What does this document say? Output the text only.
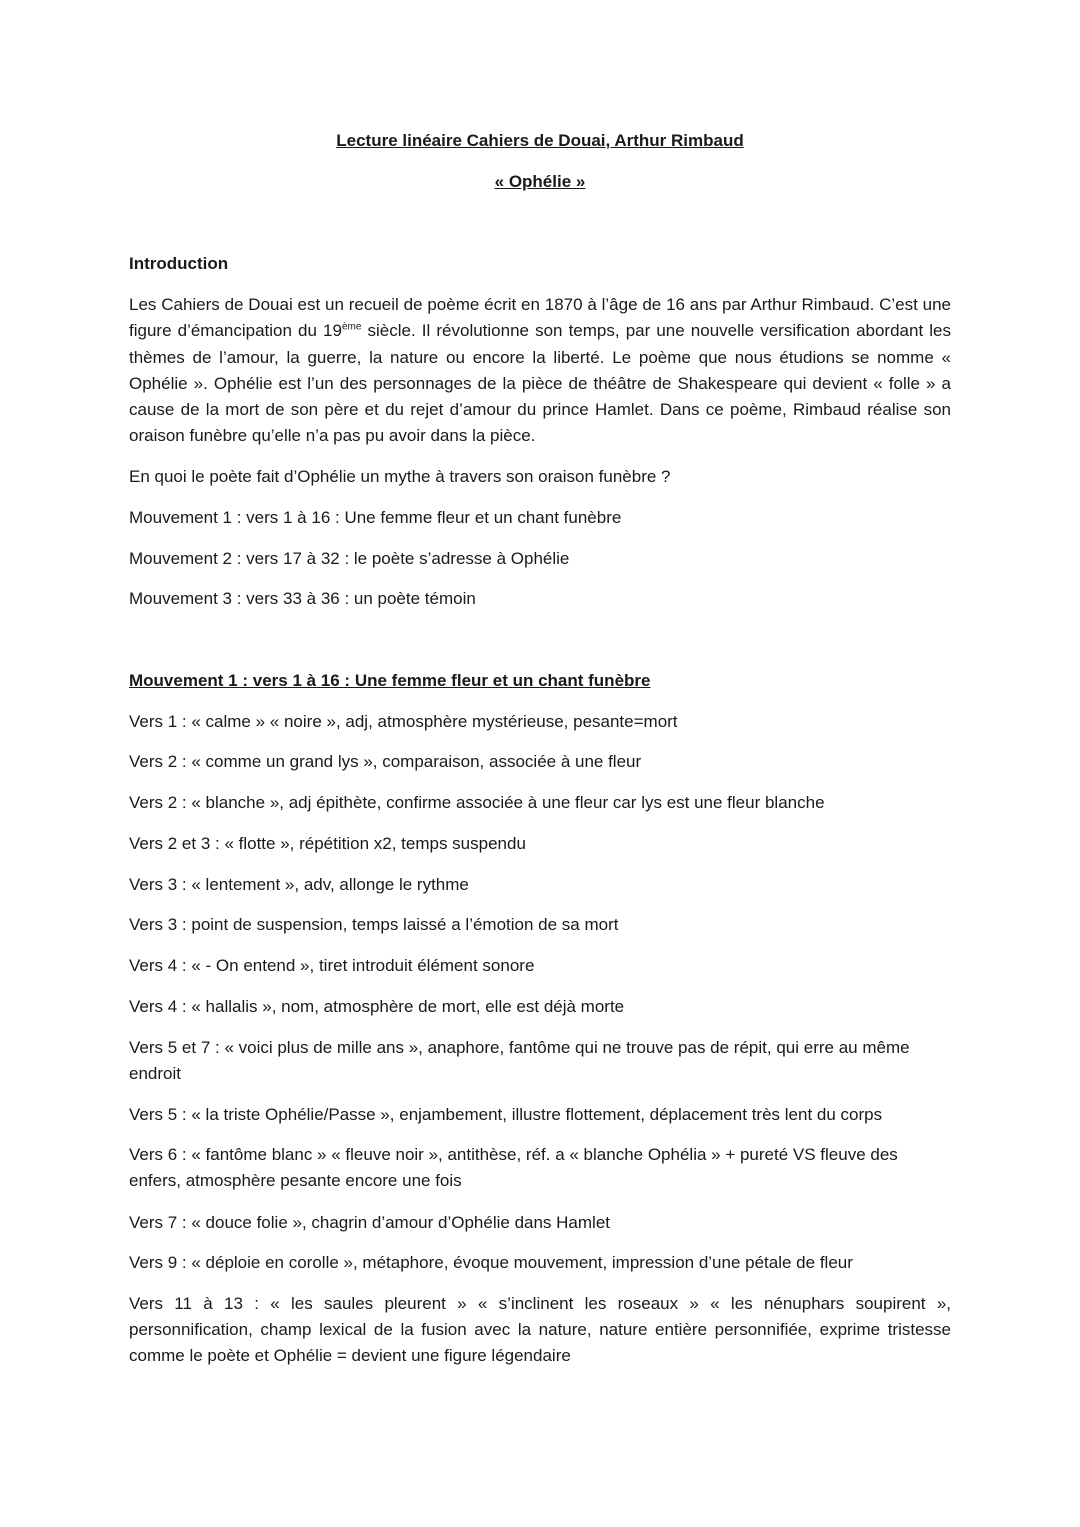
Lecture linéaire Cahiers de Douai, Arthur Rimbaud
« Ophélie »
Introduction

Les Cahiers de Douai est un recueil de poème écrit en 1870 à l’âge de 16 ans par Arthur Rimbaud. C’est une figure d’émancipation du 19ème siècle. Il révolutionne son temps, par une nouvelle versification abordant les thèmes de l’amour, la guerre, la nature ou encore la liberté. Le poème que nous étudions se nomme « Ophélie ». Ophélie est l’un des personnages de la pièce de théâtre de Shakespeare qui devient « folle » a cause de la mort de son père et du rejet d’amour du prince Hamlet. Dans ce poème, Rimbaud réalise son oraison funèbre qu’elle n’a pas pu avoir dans la pièce.

En quoi le poète fait d’Ophélie un mythe à travers son oraison funèbre ?

Mouvement 1 : vers 1 à 16 : Une femme fleur et un chant funèbre

Mouvement 2 : vers 17 à 32 : le poète s’adresse à Ophélie

Mouvement 3 : vers 33 à 36 : un poète témoin

Mouvement 1 : vers 1 à 16 : Une femme fleur et un chant funèbre

Vers 1 : « calme » « noire », adj, atmosphère mystérieuse, pesante=mort

Vers 2 : « comme un grand lys », comparaison, associée à une fleur

Vers 2 : « blanche », adj épithète, confirme associée à une fleur car lys est une fleur blanche

Vers 2 et 3 : « flotte », répétition x2, temps suspendu

Vers 3 : « lentement », adv, allonge le rythme

Vers 3 : point de suspension, temps laissé a l’émotion de sa mort

Vers 4 : « - On entend », tiret introduit élément sonore

Vers 4 : « hallalis », nom, atmosphère de mort, elle est déjà morte

Vers 5 et 7 : « voici plus de mille ans », anaphore, fantôme qui ne trouve pas de répit, qui erre au même endroit

Vers 5 : « la triste Ophélie/Passe », enjambement, illustre flottement, déplacement très lent du corps

Vers 6 : « fantôme blanc » « fleuve noir », antithèse, réf. a « blanche Ophélia » + pureté VS fleuve des enfers, atmosphère pesante encore une fois

Vers 7 : « douce folie », chagrin d’amour d’Ophélie dans Hamlet

Vers 9 : « déploie en corolle », métaphore, évoque mouvement, impression d’une pétale de fleur

Vers 11 à 13 : « les saules pleurent » « s’inclinent les roseaux » « les nénuphars soupirent », personnification, champ lexical de la fusion avec la nature, nature entière personnifiée, exprime tristesse comme le poète et Ophélie = devient une figure légendaire
